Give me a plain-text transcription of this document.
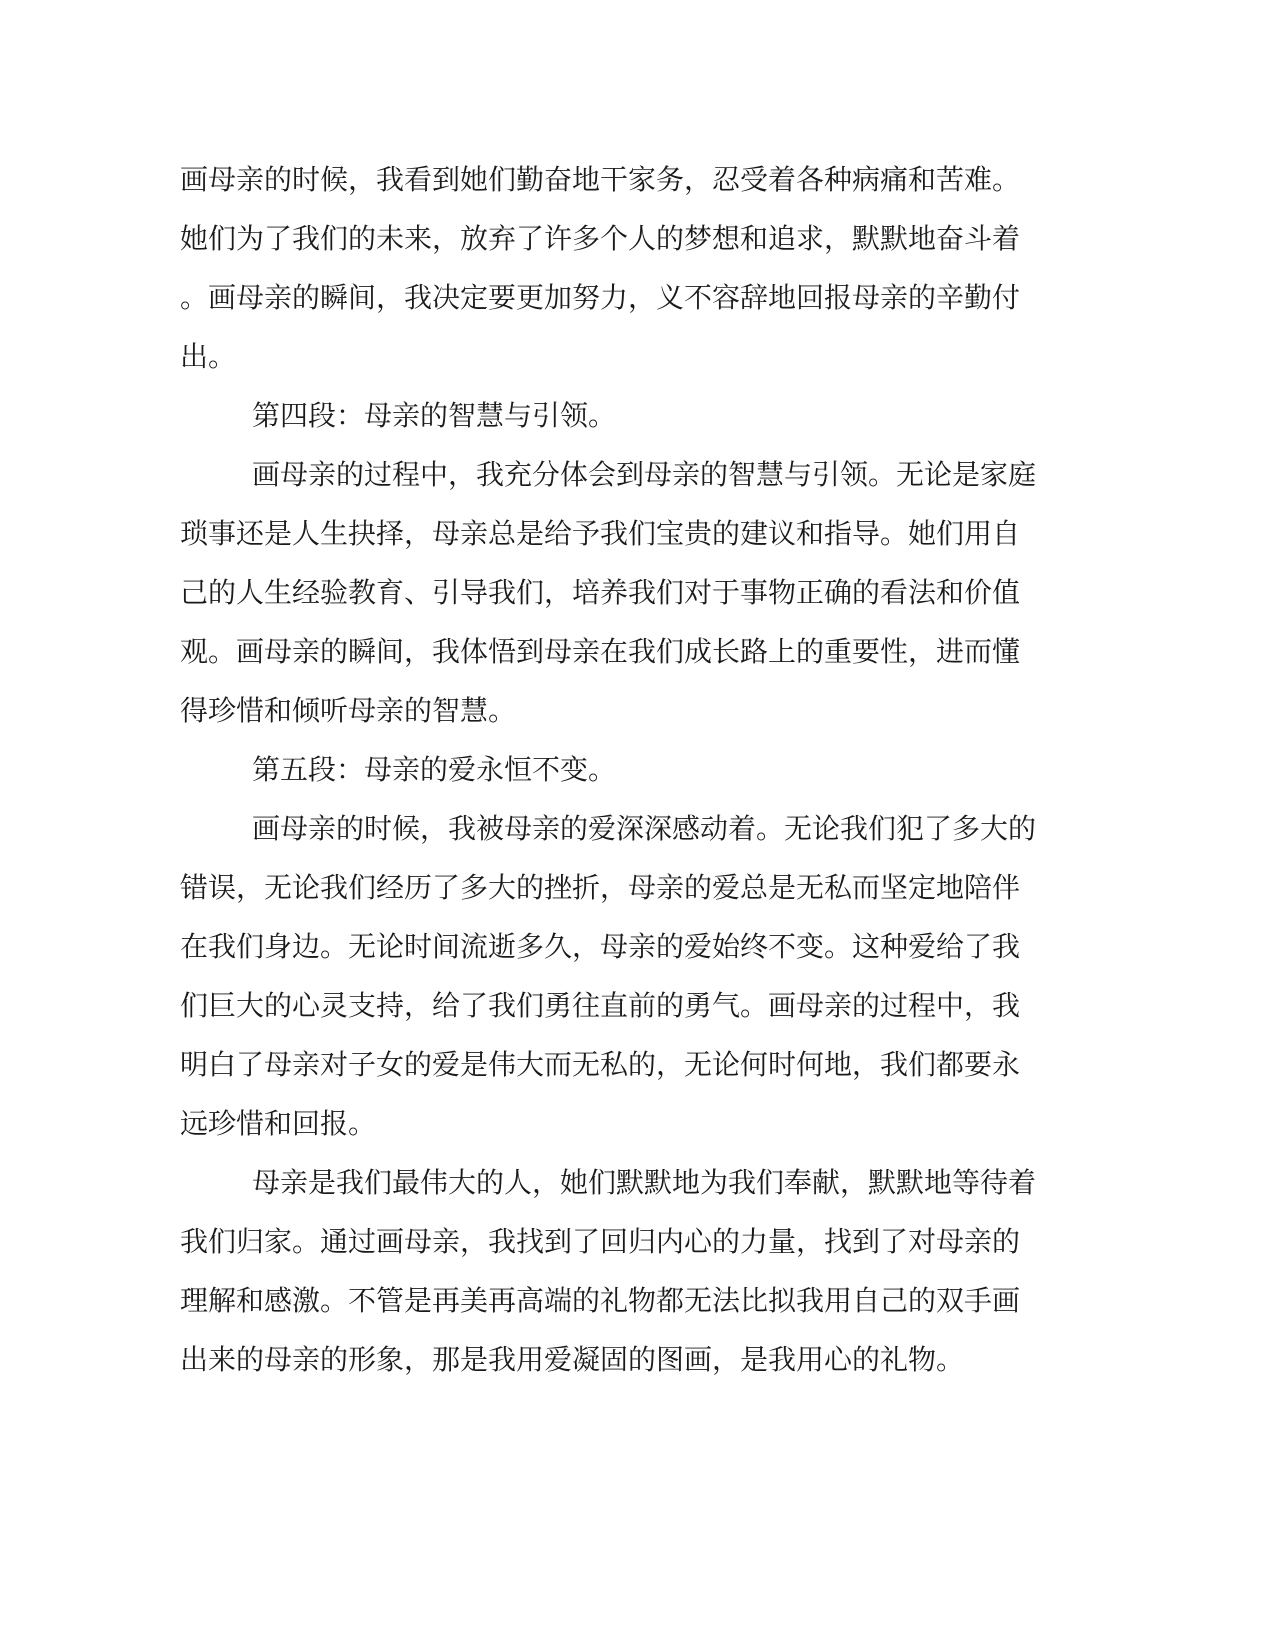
画母亲的时候，我看到她们勤奋地干家务，忍受着各种病痛和苦难。
她们为了我们的未来，放弃了许多个人的梦想和追求，默默地奋斗着
。画母亲的瞬间，我决定要更加努力，义不容辞地回报母亲的辛勤付
出。
第四段：母亲的智慧与引领。
画母亲的过程中，我充分体会到母亲的智慧与引领。无论是家庭
琐事还是人生抉择，母亲总是给予我们宝贵的建议和指导。她们用自
己的人生经验教育、引导我们，培养我们对于事物正确的看法和价值
观。画母亲的瞬间，我体悟到母亲在我们成长路上的重要性，进而懂
得珍惜和倾听母亲的智慧。
第五段：母亲的爱永恒不变。
画母亲的时候，我被母亲的爱深深感动着。无论我们犯了多大的
错误，无论我们经历了多大的挫折，母亲的爱总是无私而坚定地陪伴
在我们身边。无论时间流逝多久，母亲的爱始终不变。这种爱给了我
们巨大的心灵支持，给了我们勇往直前的勇气。画母亲的过程中，我
明白了母亲对子女的爱是伟大而无私的，无论何时何地，我们都要永
远珍惜和回报。
母亲是我们最伟大的人，她们默默地为我们奉献，默默地等待着
我们归家。通过画母亲，我找到了回归内心的力量，找到了对母亲的
理解和感激。不管是再美再高端的礼物都无法比拟我用自己的双手画
出来的母亲的形象，那是我用爱凝固的图画，是我用心的礼物。
